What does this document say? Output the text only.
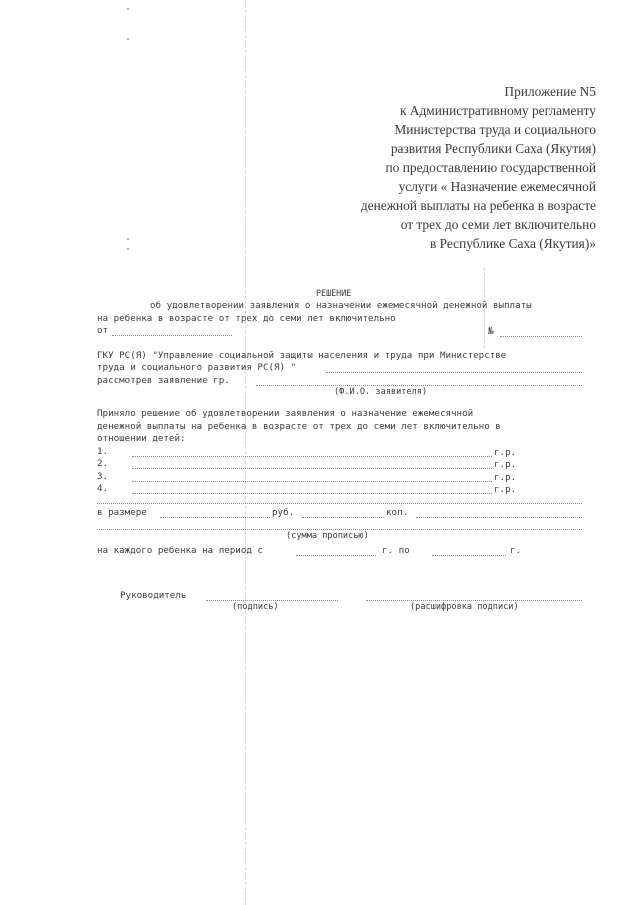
Приложение N5
к Административному регламенту
Министерства труда и социального
развития Республики Саха (Якутия)
по предоставлению государственной
услуги « Назначение ежемесячной
денежной выплаты на ребенка в возрасте
от трех до семи лет включительно
в Республике Саха (Якутия)»
РЕШЕНИЕ
об удовлетворении заявления о назначении ежемесячной денежной выплаты
на ребенка в возрасте от трех до семи лет включительно
от	№
ГКУ РС(Я) "Управление социальной защиты населения и труда при Министерстве
труда и социального развития РС(Я) "
рассмотрев заявление гр.
(Ф.И.О. заявителя)
Приняло решение об удовлетворении заявления о назначение ежемесячной
денежной выплаты на ребенка в возрасте от трех до семи лет включительно в
отношении детей:
1.	г.р.
2.	г.р.
3.	г.р.
4.	г.р.
в размере	руб.	коп.
(сумма прописью)
на каждого ребенка на период с	г. по	г.
Руководитель
(подпись)	(расшифровка подписи)
